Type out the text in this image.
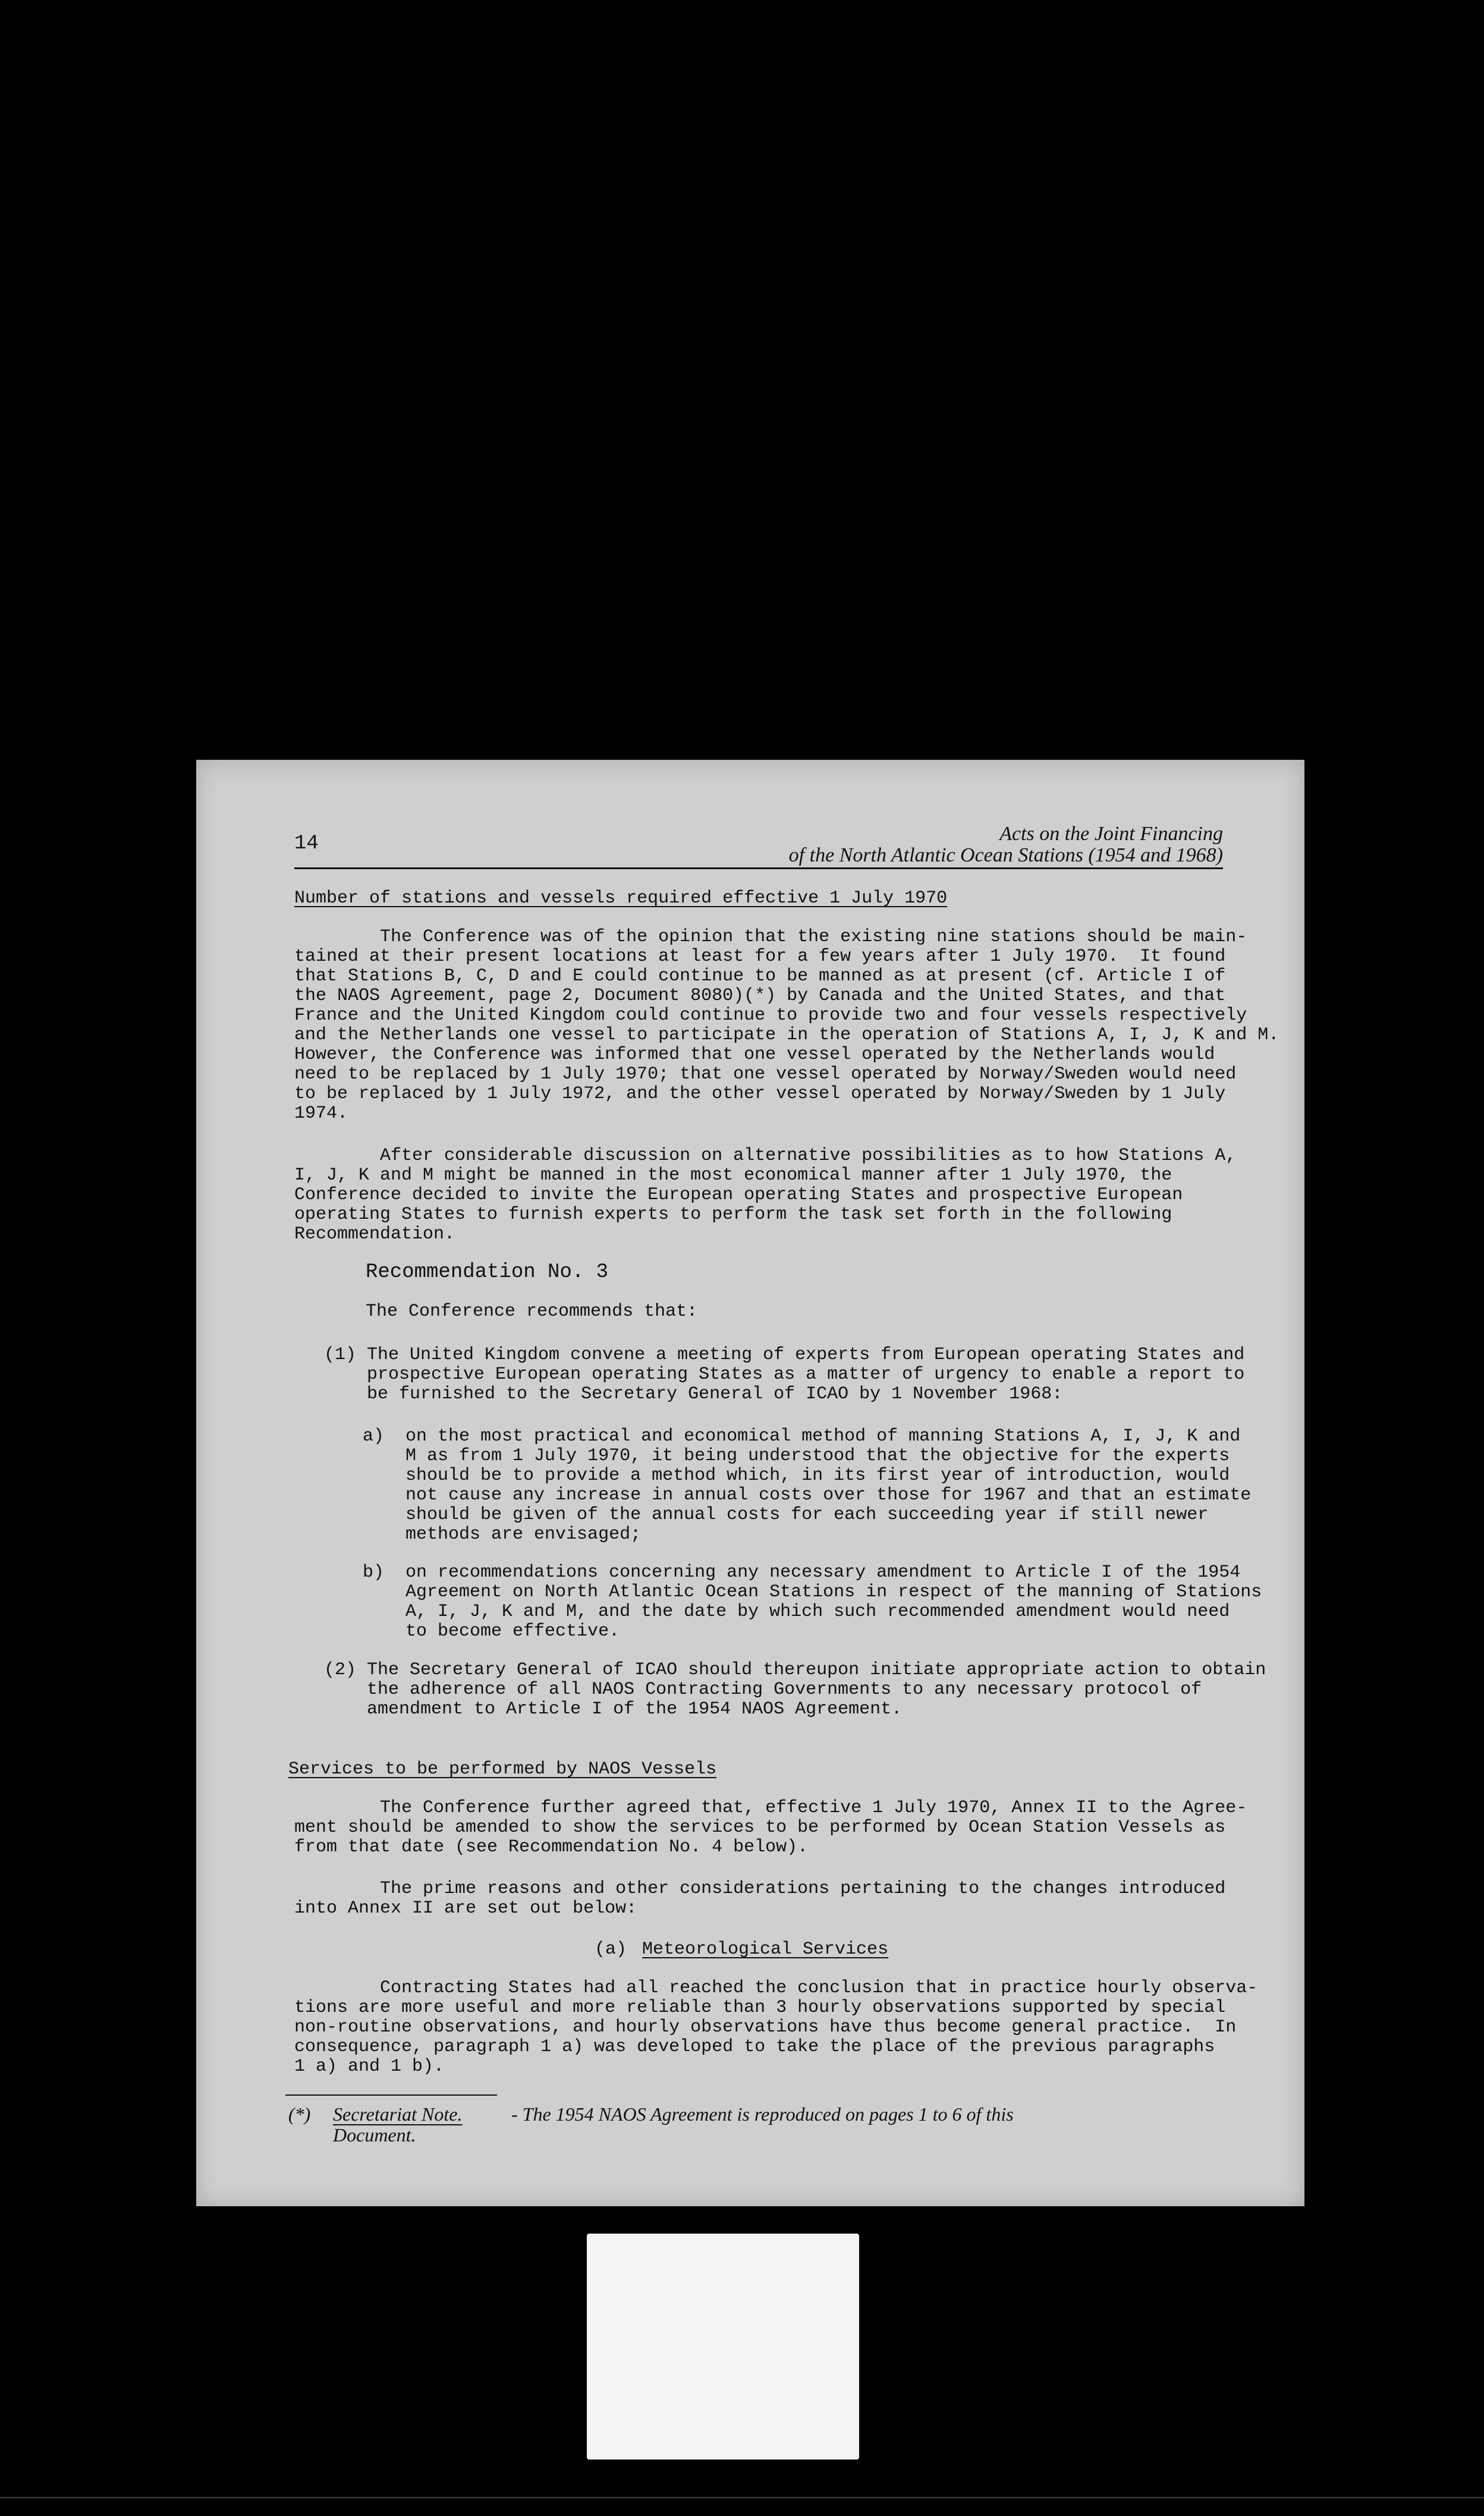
14	Acts on the Joint Financing
of the North Atlantic Ocean Stations (1954 and 1968)
Number of stations and vessels required effective 1 July 1970
The Conference was of the opinion that the existing nine stations should be main-
tained at their present locations at least for a few years after 1 July 1970.  It found
that Stations B, C, D and E could continue to be manned as at present (cf. Article I of
the NAOS Agreement, page 2, Document 8080)(*) by Canada and the United States, and that
France and the United Kingdom could continue to provide two and four vessels respectively
and the Netherlands one vessel to participate in the operation of Stations A, I, J, K and M.
However, the Conference was informed that one vessel operated by the Netherlands would
need to be replaced by 1 July 1970; that one vessel operated by Norway/Sweden would need
to be replaced by 1 July 1972, and the other vessel operated by Norway/Sweden by 1 July
1974.
After considerable discussion on alternative possibilities as to how Stations A,
I, J, K and M might be manned in the most economical manner after 1 July 1970, the
Conference decided to invite the European operating States and prospective European
operating States to furnish experts to perform the task set forth in the following
Recommendation.
Recommendation No. 3
The Conference recommends that:
(1) The United Kingdom convene a meeting of experts from European operating States and
prospective European operating States as a matter of urgency to enable a report to
be furnished to the Secretary General of ICAO by 1 November 1968:
a)  on the most practical and economical method of manning Stations A, I, J, K and
M as from 1 July 1970, it being understood that the objective for the experts
should be to provide a method which, in its first year of introduction, would
not cause any increase in annual costs over those for 1967 and that an estimate
should be given of the annual costs for each succeeding year if still newer
methods are envisaged;
b)  on recommendations concerning any necessary amendment to Article I of the 1954
Agreement on North Atlantic Ocean Stations in respect of the manning of Stations
A, I, J, K and M, and the date by which such recommended amendment would need
to become effective.
(2) The Secretary General of ICAO should thereupon initiate appropriate action to obtain
the adherence of all NAOS Contracting Governments to any necessary protocol of
amendment to Article I of the 1954 NAOS Agreement.
Services to be performed by NAOS Vessels
The Conference further agreed that, effective 1 July 1970, Annex II to the Agree-
ment should be amended to show the services to be performed by Ocean Station Vessels as
from that date (see Recommendation No. 4 below).
The prime reasons and other considerations pertaining to the changes introduced
into Annex II are set out below:
(a) Meteorological Services
Contracting States had all reached the conclusion that in practice hourly observa-
tions are more useful and more reliable than 3 hourly observations supported by special
non-routine observations, and hourly observations have thus become general practice.  In
consequence, paragraph 1 a) was developed to take the place of the previous paragraphs
1 a) and 1 b).
(*) Secretariat Note.	- The 1954 NAOS Agreement is reproduced on pages 1 to 6 of this
Document.
